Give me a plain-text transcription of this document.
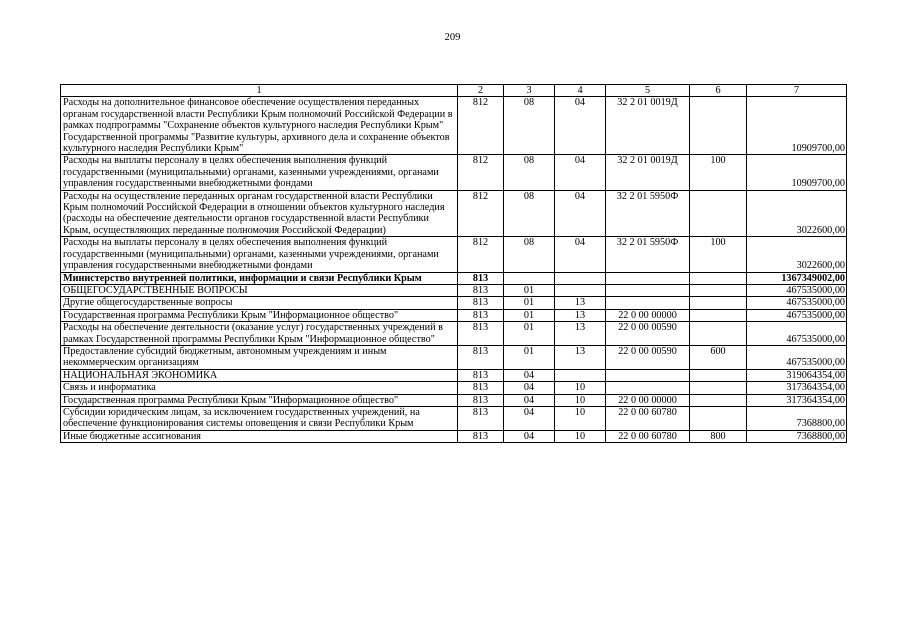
209
1	2	3	4	5	6	7
Расходы на дополнительное финансовое обеспечение осуществления переданных органам государственной власти Республики Крым полномочий Российской Федерации в рамках подпрограммы "Сохранение объектов культурного наследия Республики Крым" Государственной программы "Развитие культуры, архивного дела и сохранение объектов культурного наследия Республики Крым"	812	08	04	32 2 01 0019Д		10909700,00
Расходы на выплаты персоналу в целях обеспечения выполнения функций государственными (муниципальными) органами, казенными учреждениями, органами управления государственными внебюджетными фондами	812	08	04	32 2 01 0019Д	100	10909700,00
Расходы на осуществление переданных органам государственной власти Республики Крым полномочий Российской Федерации в отношении объектов культурного наследия (расходы на обеспечение деятельности органов государственной власти Республики Крым, осуществляющих переданные полномочия Российской Федерации)	812	08	04	32 2 01 5950Ф		3022600,00
Расходы на выплаты персоналу в целях обеспечения выполнения функций государственными (муниципальными) органами, казенными учреждениями, органами управления государственными внебюджетными фондами	812	08	04	32 2 01 5950Ф	100	3022600,00
Министерство внутренней политики, информации и связи Республики Крым	813					1367349002,00
ОБЩЕГОСУДАРСТВЕННЫЕ ВОПРОСЫ	813	01				467535000,00
Другие общегосударственные вопросы	813	01	13			467535000,00
Государственная программа Республики Крым "Информационное общество"	813	01	13	22 0 00 00000		467535000,00
Расходы на обеспечение деятельности (оказание услуг) государственных учреждений в рамках Государственной программы Республики Крым "Информационное общество"	813	01	13	22 0 00 00590		467535000,00
Предоставление субсидий бюджетным, автономным учреждениям и иным некоммерческим организациям	813	01	13	22 0 00 00590	600	467535000,00
НАЦИОНАЛЬНАЯ ЭКОНОМИКА	813	04				319064354,00
Связь и информатика	813	04	10			317364354,00
Государственная программа Республики Крым "Информационное общество"	813	04	10	22 0 00 00000		317364354,00
Субсидии юридическим лицам, за исключением государственных учреждений, на обеспечение функционирования системы оповещения и связи Республики Крым	813	04	10	22 0 00 60780		7368800,00
Иные бюджетные ассигнования	813	04	10	22 0 00 60780	800	7368800,00
